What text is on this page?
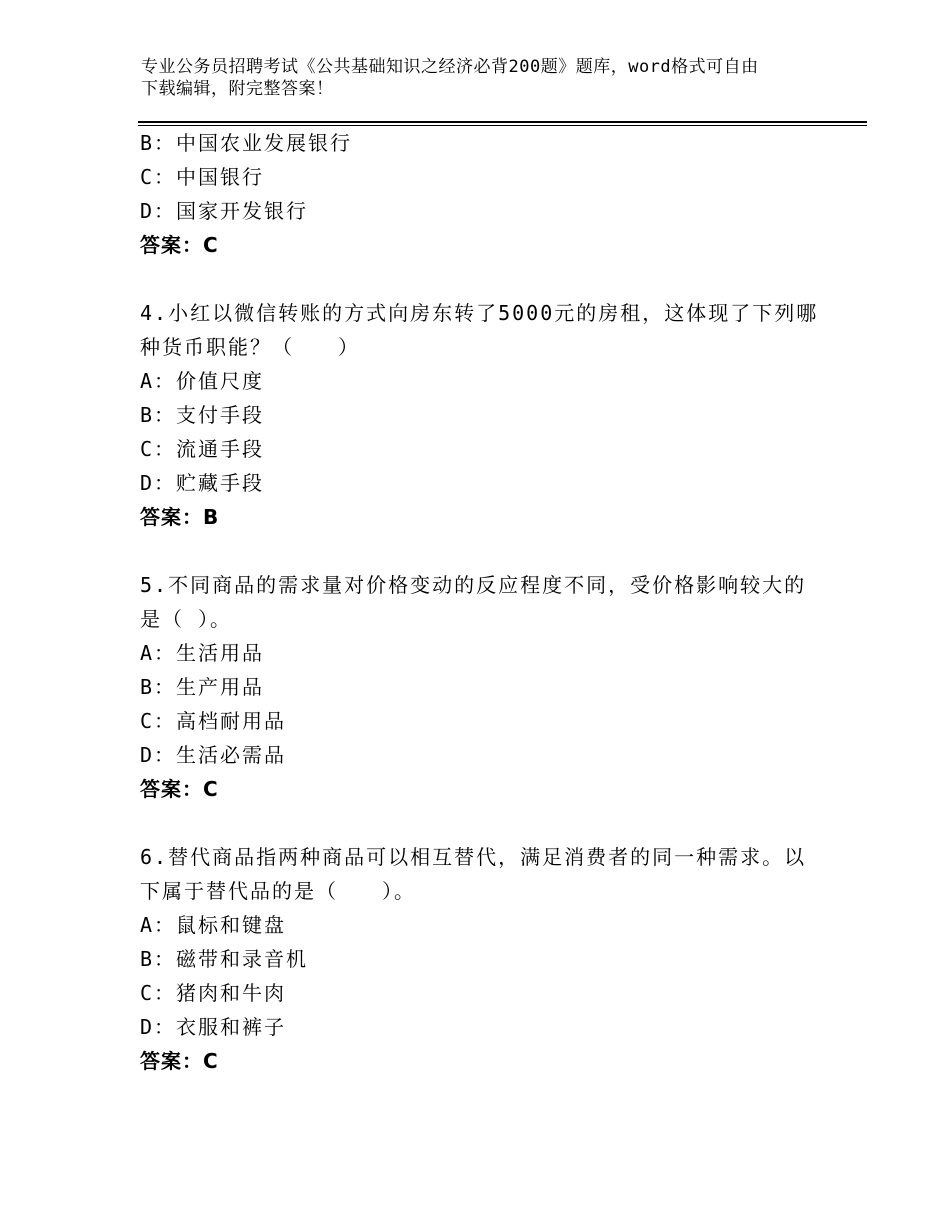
专业公务员招聘考试《公共基础知识之经济必背200题》题库，word格式可自由
下载编辑，附完整答案！
B：中国农业发展银行
C：中国银行
D：国家开发银行
答案：C
4.小红以微信转账的方式向房东转了5000元的房租，这体现了下列哪
种货币职能？（　　）
A：价值尺度
B：支付手段
C：流通手段
D：贮藏手段
答案：B
5.不同商品的需求量对价格变动的反应程度不同，受价格影响较大的
是（ ）。
A：生活用品
B：生产用品
C：高档耐用品
D：生活必需品
答案：C
6.替代商品指两种商品可以相互替代，满足消费者的同一种需求。以
下属于替代品的是（　　）。
A：鼠标和键盘
B：磁带和录音机
C：猪肉和牛肉
D：衣服和裤子
答案：C
